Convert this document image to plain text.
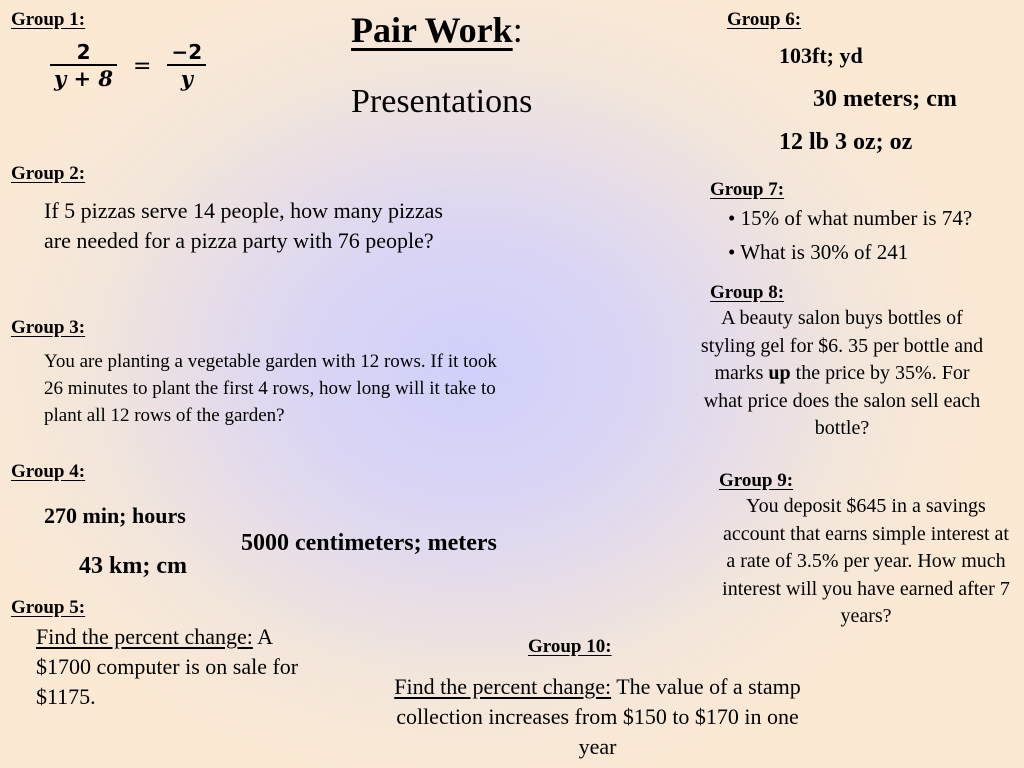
Pair Work:
Presentations
Group 1:
$\frac{2}{y + 8} = \frac{-2}{y}$
Group 2:
If 5 pizzas serve 14 people, how many pizzas are needed for a pizza party with 76 people?
Group 3:
You are planting a vegetable garden with 12 rows. If it took 26 minutes to plant the first 4 rows, how long will it take to plant all 12 rows of the garden?
Group 4:
270 min; hours
43 km; cm
5000 centimeters; meters
Group 5:
Find the percent change: A $1700 computer is on sale for $1175.
Group 6:
103ft; yd
30 meters; cm
12 lb 3 oz; oz
Group 7:
• 15% of what number is 74?
• What is 30% of 241
Group 8:
A beauty salon buys bottles of styling gel for $6. 35 per bottle and marks up the price by 35%. For what price does the salon sell each bottle?
Group 9:
You deposit $645 in a savings account that earns simple interest at a rate of 3.5% per year. How much interest will you have earned after 7 years?
Group 10:
Find the percent change: The value of a stamp collection increases from $150 to $170 in one year
